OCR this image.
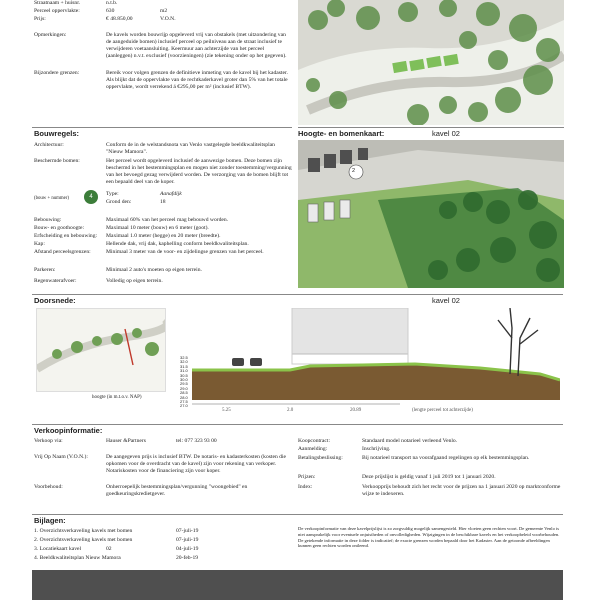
Straatnaam + huisnr.	n.t.b.
Perceel oppervlakte:	630	m2
Prijs:	€ 48.850,00	V.O.N.
Opmerkingen:	De kavels worden bouwrijp opgeleverd vrij van obstakels (met uitzondering van de aangeduide bomen) inclusief perceel op peilniveau aan de straat inclusief te verwijderen voetaansluiting. Keermuur aan achterzijde van het perceel (aanleggen) n.v.t. exclusief (voorzieningen) (zie tekening onder op het gegeven).
Bijzondere grenzen:	Bereik voor volgen grenzen de definitieve inmeting van de kavel bij het kadaster. Als blijkt dat de oppervlakte van de rechtkaderkavel groter dan 5% van het totale oppervlakte, wordt verrekend á €295,00 per m² (inclusief BTW).
Bouwregels:
Architectuur:	Conform de in de welstandsnota van Venlo vastgelegde beeldkwaliteitsplan "Nieuw Mamora".
Beschermde bomen:	Het perceel wordt opgeleverd inclusief de aanwezige bomen. Deze bomen zijn beschermd in het bestemmingsplan en mogen niet zonder toestemming/vergunning van het bevoegd gezag verwijderd worden. De verzorging van de bomen blijft tot een bepaald deel van de koper.
(bouw + nummer)	4	Type:	Aanafdijk
Grond den:	18
Bebouwing:	Maximaal 60% van het perceel mag bebouwd worden.
Bouw- en goothoogte:	Maximaal 10 meter (bouw) en 6 meter (goot).
Erfscheiding en bebouwing: Maximaal 1.0 meter (hegge) en 20 meter (breedte).
Kap:	Hellende dak, vrij dak, kaphelling conform beeldkwaliteitsplan.
Afstand perceelsgrenzen:	Minimaal 3 meter van de voor- en zijdelingse grenzen van het perceel.
Parkeren:	Minimaal 2 auto's moeten op eigen terrein.
Regenwaterafvoer:	Volledig op eigen terrein.
Hoogte- en bomenkaart:	kavel 02
2
Doorsnede:	kavel 02
hoogte (in m.t.o.v. NAP)
32.5
32.0
31.5
31.0
30.5
30.0
29.5
29.0
28.5
28.0
27.5
27.0
5.25	2.0	20.89	(lengte perceel tot achterzijde)
Verkoopinformatie:
Verkoop via:	Hauser &Partners	tel: 077 323 93 00
Vrij Op Naam (V.O.N.):	De aangegeven prijs is inclusief BTW. De notaris- en kadasterkosten (kosten die opkomen voor de overdracht van de kavel) zijn voor rekening van verkoper. Notariskosten voor de financiering zijn voor koper.
Voorbehoud:	Onherroepelijk bestemmingsplan/vergunning "woongebied" en goedkeuringskredietgever.
Koopcontract:	Standaard model notarieel verleend Venlo.
Aanmelding:	Inschrijving.
Betalingsbeslissing:	Bij notarieel transport na voorafgaand regelingen op elk bestemmingsplan.
Prijzen:	Deze prijslijst is geldig vanaf 1 juli 2019 tot 1 januari 2020.
Index:	Verkoopprijs behoudt zich het recht voor de prijzen na 1 januari 2020 op marktconforme wijze te indexeren.
Bijlagen:
1. Overzichtsverkaveling kavels met bomen	07-juli-19
2. Overzichtsverkaveling kavels met bomen	07-juli-19
3. Locatiekaart kavel	02	04-juli-19
4. Beeldkwaliteitsplan Nieuw Mamora	20-feb-19
De verkoopinformatie van deze kavelprijslijst is zo zorgvuldig mogelijk samengesteld. Hier vloeien geen rechten voort. De gemeente Venlo is niet aansprakelijk voor eventuele onjuistheden of onvolledigheden. Wijzigingen in de beschikbare kavels en het verkoopbeleid voorbehouden. De getekende informatie in deze folder is indicatief; de exacte grenzen worden bepaald door het Kadaster. Aan de getoonde afbeeldingen kunnen geen rechten worden ontleend.
